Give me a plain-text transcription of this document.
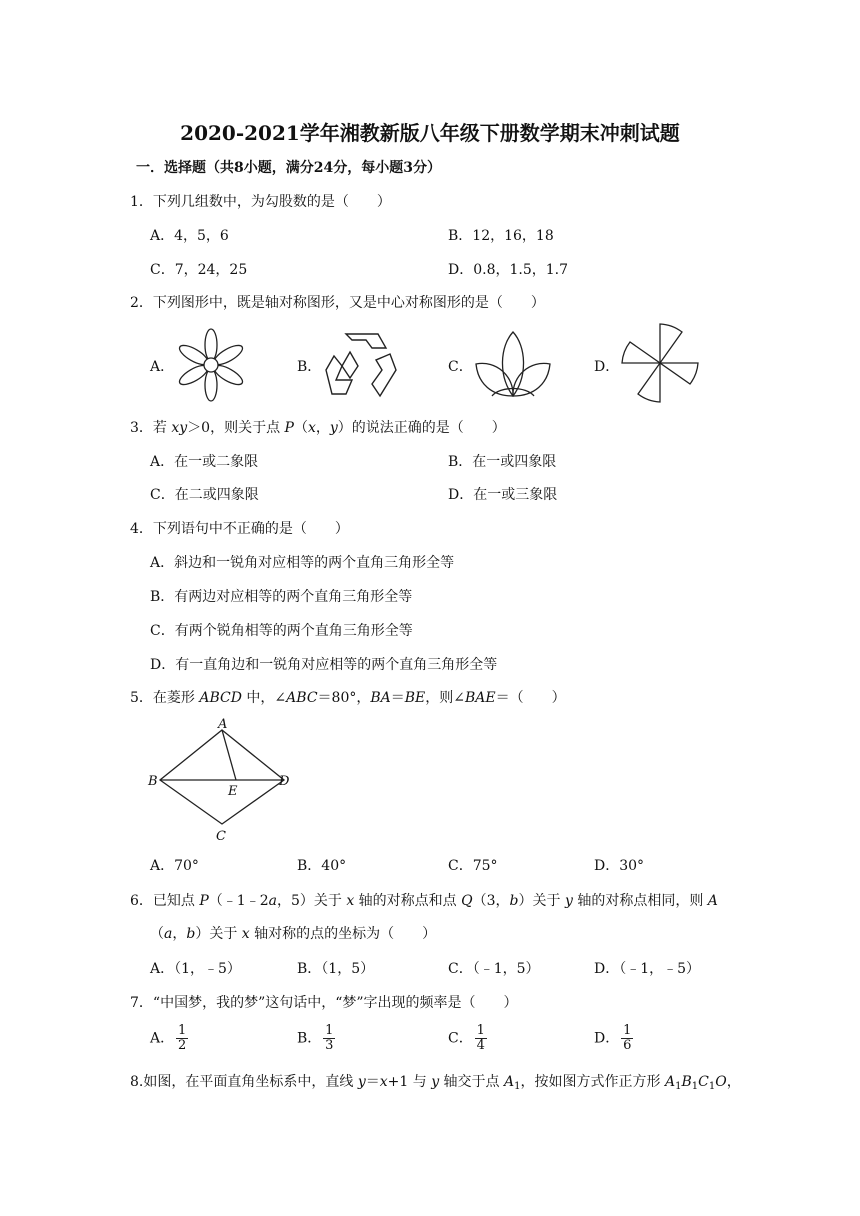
2020-2021学年湘教新版八年级下册数学期末冲刺试题
一．选择题（共8小题，满分24分，每小题3分）
1．下列几组数中，为勾股数的是（　　）
A．4，5，6	B．12，16，18
C．7，24，25	D．0.8，1.5，1.7
2．下列图形中，既是轴对称图形，又是中心对称图形的是（　　）
A．	B．	C．	D．
3．若 xy＞0，则关于点 P（x，y）的说法正确的是（　　）
A．在一或二象限	B．在一或四象限
C．在二或四象限	D．在一或三象限
4．下列语句中不正确的是（　　）
A．斜边和一锐角对应相等的两个直角三角形全等
B．有两边对应相等的两个直角三角形全等
C．有两个锐角相等的两个直角三角形全等
D．有一直角边和一锐角对应相等的两个直角三角形全等
5．在菱形 ABCD 中，∠ABC＝80°，BA＝BE，则∠BAE＝（　　）
A
B	D
E
C
A．70°	B．40°	C．75°	D．30°
6．已知点 P（﹣1﹣2a，5）关于 x 轴的对称点和点 Q（3，b）关于 y 轴的对称点相同，则 A
（a，b）关于 x 轴对称的点的坐标为（　　）
A．（1，﹣5）	B．（1，5）	C．（﹣1，5）	D．（﹣1，﹣5）
7．“中国梦，我的梦”这句话中，“梦”字出现的频率是（　　）
A． $\frac{1}{2}$	B． $\frac{1}{3}$	C． $\frac{1}{4}$	D． $\frac{1}{6}$
8.如图，在平面直角坐标系中，直线 y＝x+1 与 y 轴交于点 $A_1$，按如图方式作正方形 $A_1B_1C_1O$，
